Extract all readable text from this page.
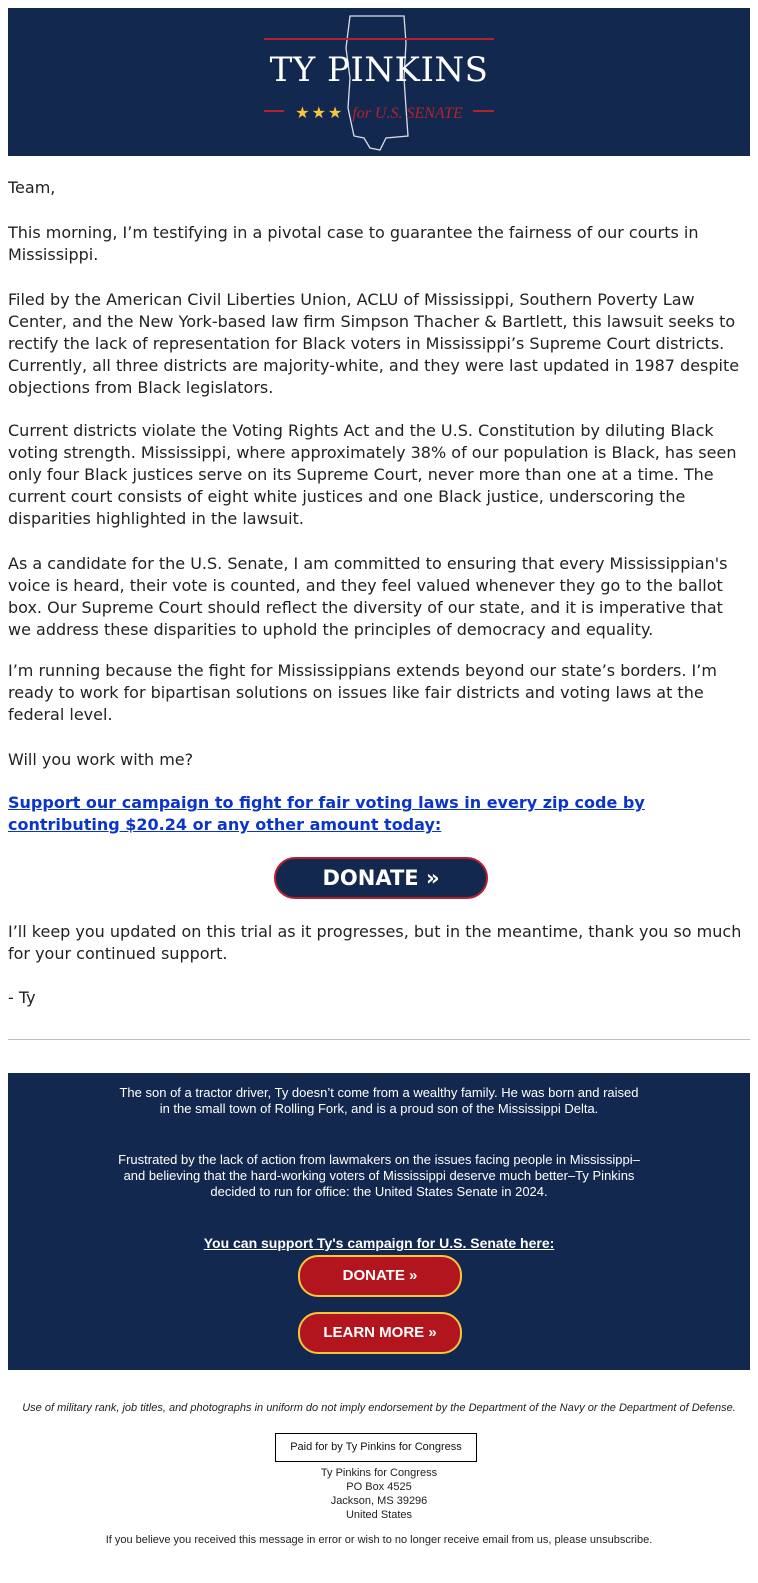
TY PINKINS
★★★ for U.S. SENATE

Team,

This morning, I’m testifying in a pivotal case to guarantee the fairness of our courts in Mississippi.

Filed by the American Civil Liberties Union, ACLU of Mississippi, Southern Poverty Law Center, and the New York-based law firm Simpson Thacher & Bartlett, this lawsuit seeks to rectify the lack of representation for Black voters in Mississippi’s Supreme Court districts. Currently, all three districts are majority-white, and they were last updated in 1987 despite objections from Black legislators.

Current districts violate the Voting Rights Act and the U.S. Constitution by diluting Black voting strength. Mississippi, where approximately 38% of our population is Black, has seen only four Black justices serve on its Supreme Court, never more than one at a time. The current court consists of eight white justices and one Black justice, underscoring the disparities highlighted in the lawsuit.

As a candidate for the U.S. Senate, I am committed to ensuring that every Mississippian's voice is heard, their vote is counted, and they feel valued whenever they go to the ballot box. Our Supreme Court should reflect the diversity of our state, and it is imperative that we address these disparities to uphold the principles of democracy and equality.

I’m running because the fight for Mississippians extends beyond our state’s borders. I’m ready to work for bipartisan solutions on issues like fair districts and voting laws at the federal level.

Will you work with me?

Support our campaign to fight for fair voting laws in every zip code by contributing $20.24 or any other amount today:
DONATE »

I’ll keep you updated on this trial as it progresses, but in the meantime, thank you so much for your continued support.

- Ty

The son of a tractor driver, Ty doesn’t come from a wealthy family. He was born and raised in the small town of Rolling Fork, and is a proud son of the Mississippi Delta.
Frustrated by the lack of action from lawmakers on the issues facing people in Mississippi–and believing that the hard-working voters of Mississippi deserve much better–Ty Pinkins decided to run for office: the United States Senate in 2024.
You can support Ty's campaign for U.S. Senate here:
DONATE »
LEARN MORE »
Use of military rank, job titles, and photographs in uniform do not imply endorsement by the Department of the Navy or the Department of Defense.
Paid for by Ty Pinkins for Congress
Ty Pinkins for Congress
PO Box 4525
Jackson, MS 39296
United States
If you believe you received this message in error or wish to no longer receive email from us, please unsubscribe.
